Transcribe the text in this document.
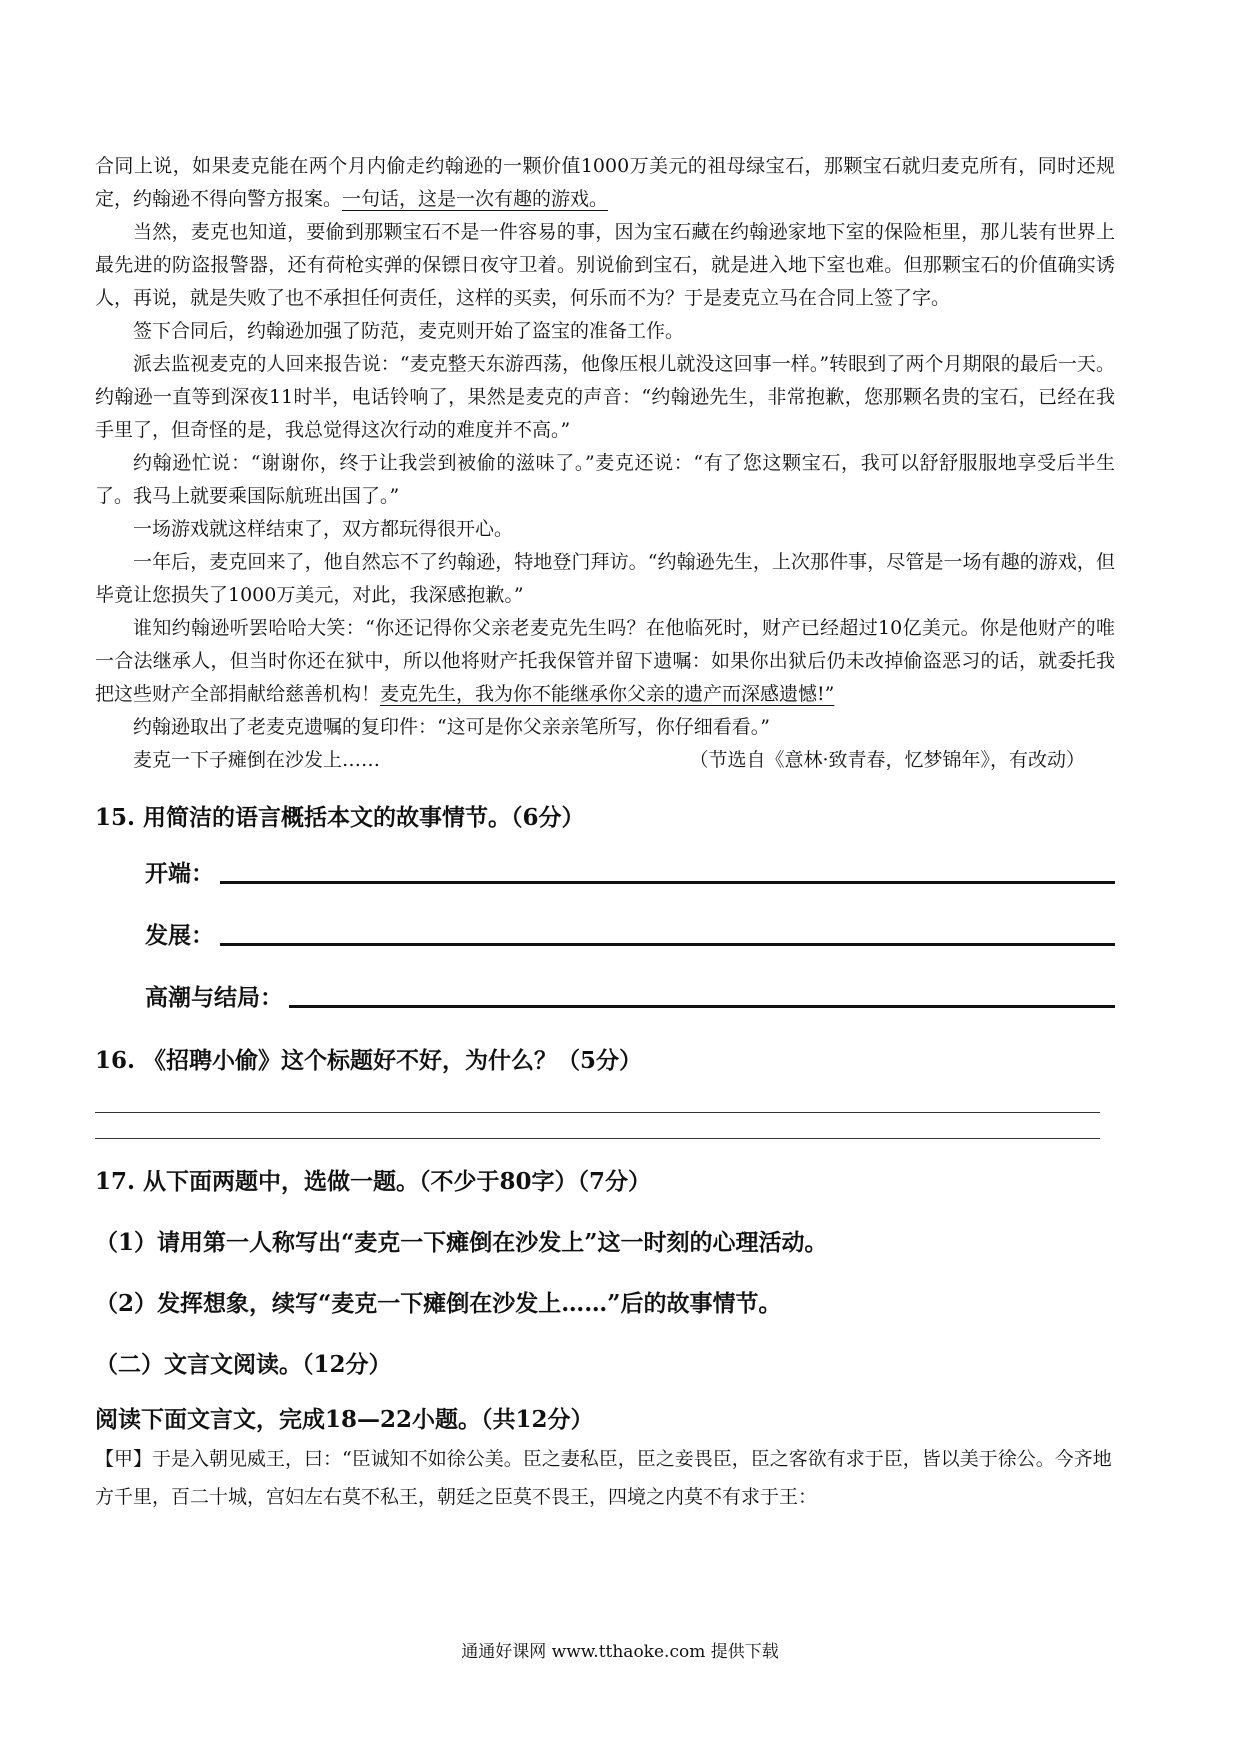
合同上说，如果麦克能在两个月内偷走约翰逊的一颗价值1000万美元的祖母绿宝石，那颗宝石就归麦克所有，同时还规定，约翰逊不得向警方报案。一句话，这是一次有趣的游戏。

当然，麦克也知道，要偷到那颗宝石不是一件容易的事，因为宝石藏在约翰逊家地下室的保险柜里，那儿装有世界上最先进的防盗报警器，还有荷枪实弹的保镖日夜守卫着。别说偷到宝石，就是进入地下室也难。但那颗宝石的价值确实诱人，再说，就是失败了也不承担任何责任，这样的买卖，何乐而不为？于是麦克立马在合同上签了字。

签下合同后，约翰逊加强了防范，麦克则开始了盗宝的准备工作。

派去监视麦克的人回来报告说：“麦克整天东游西荡，他像压根儿就没这回事一样。”转眼到了两个月期限的最后一天。约翰逊一直等到深夜11时半，电话铃响了，果然是麦克的声音：“约翰逊先生，非常抱歉，您那颗名贵的宝石，已经在我手里了，但奇怪的是，我总觉得这次行动的难度并不高。”

约翰逊忙说：“谢谢你，终于让我尝到被偷的滋味了。”麦克还说：“有了您这颗宝石，我可以舒舒服服地享受后半生了。我马上就要乘国际航班出国了。”

一场游戏就这样结束了，双方都玩得很开心。

一年后，麦克回来了，他自然忘不了约翰逊，特地登门拜访。“约翰逊先生，上次那件事，尽管是一场有趣的游戏，但毕竟让您损失了1000万美元，对此，我深感抱歉。”

谁知约翰逊听罢哈哈大笑：“你还记得你父亲老麦克先生吗？在他临死时，财产已经超过10亿美元。你是他财产的唯一合法继承人，但当时你还在狱中，所以他将财产托我保管并留下遗嘱：如果你出狱后仍未改掉偷盗恶习的话，就委托我把这些财产全部捐献给慈善机构！麦克先生，我为你不能继承你父亲的遗产而深感遗憾!”

约翰逊取出了老麦克遗嘱的复印件：“这可是你父亲亲笔所写，你仔细看看。”

麦克一下子瘫倒在沙发上……	（节选自《意林·致青春，忆梦锦年》，有改动）

15. 用简洁的语言概括本文的故事情节。（6分）

开端：
发展：
高潮与结局：

16. 《招聘小偷》这个标题好不好，为什么？（5分）

17. 从下面两题中，选做一题。（不少于80字）（7分）

（1）请用第一人称写出“麦克一下瘫倒在沙发上”这一时刻的心理活动。

（2）发挥想象，续写“麦克一下瘫倒在沙发上……”后的故事情节。

（二）文言文阅读。（12分）

阅读下面文言文，完成18—22小题。（共12分）

【甲】于是入朝见威王，曰：“臣诚知不如徐公美。臣之妻私臣，臣之妾畏臣，臣之客欲有求于臣，皆以美于徐公。今齐地方千里，百二十城，宫妇左右莫不私王，朝廷之臣莫不畏王，四境之内莫不有求于王：

通通好课网 www.tthaoke.com 提供下载
